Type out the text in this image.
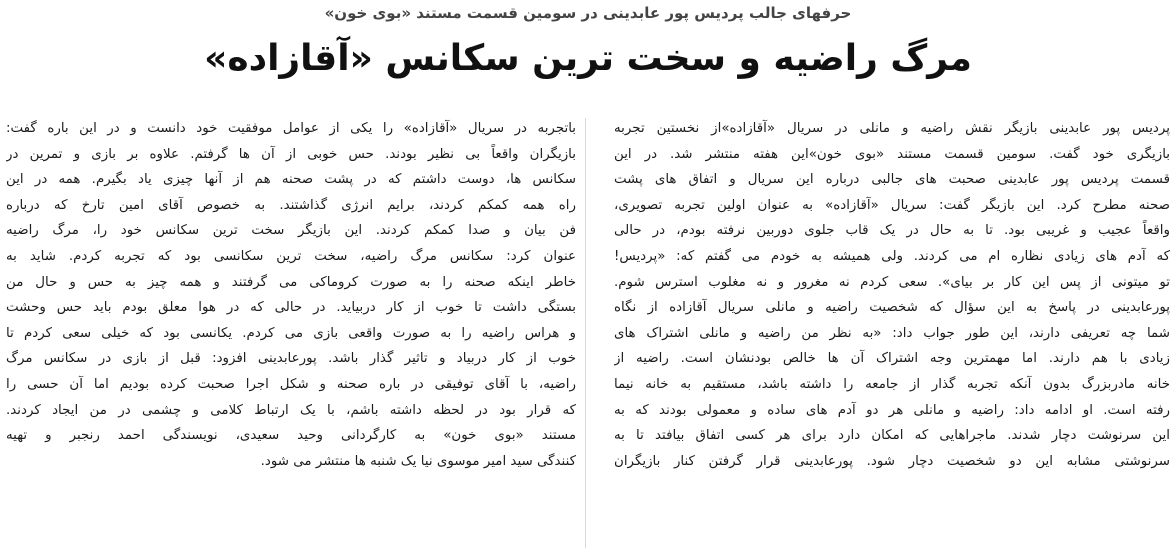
حرفهای جالب پردیس پور عابدینی در سومین قسمت مستند «بوی خون»
مرگ راضیه و سخت ترین سکانس «آقازاده»
پردیس پور عابدینی بازیگر نقش راضیه و مانلی در سریال «آقازاده»از نخستین تجربه
بازیگری خود گفت. سومین قسمت مستند «بوی خون»این هفته منتشر شد. در این
قسمت پردیس پور عابدینی صحبت های جالبی درباره این سریال و اتفاق های پشت
صحنه مطرح کرد. این بازیگر گفت: سریال «آقازاده» به عنوان اولین تجربه تصویری،
واقعاً عجیب و غریبی بود. تا به حال در یک قاب جلوی دوربین نرفته بودم، در حالی
که آدم های زیادی نظاره ام می کردند. ولی همیشه به خودم می گفتم که: «پردیس!
تو میتونی از پس این کار بر بیای». سعی کردم نه مغرور و نه مغلوب استرس شوم.
پورعابدینی در پاسخ به این سؤال که شخصیت راضیه و مانلی سریال آقازاده از نگاه
شما چه تعریفی دارند، این طور جواب داد: «به نظر من راضیه و مانلی اشتراک های
زیادی با هم دارند. اما مهمترین وجه اشتراک آن ها خالص بودنشان است. راضیه از
خانه مادربزرگ بدون آنکه تجربه گذار از جامعه را داشته باشد، مستقیم به خانه نیما
رفته است. او ادامه داد: راضیه و مانلی هر دو آدم های ساده و معمولی بودند که به
این سرنوشت دچار شدند. ماجراهایی که امکان دارد برای هر کسی اتفاق بیافتد تا به
سرنوشتی مشابه این دو شخصیت دچار شود. پورعابدینی قرار گرفتن کنار بازیگران
باتجربه در سریال «آقازاده» را یکی از عوامل موفقیت خود دانست و در این باره گفت:
بازیگران واقعاً بی نظیر بودند. حس خوبی از آن ها گرفتم. علاوه بر بازی و تمرین در
سکانس ها، دوست داشتم که در پشت صحنه هم از آنها چیزی یاد بگیرم. همه در این
راه همه کمکم کردند، برایم انرژی گذاشتند. به خصوص آقای امین تارخ که درباره
فن بیان و صدا کمکم کردند. این بازیگر سخت ترین سکانس خود را، مرگ راضیه
عنوان کرد: سکانس مرگ راضیه، سخت ترین سکانسی بود که تجربه کردم. شاید به
خاطر اینکه صحنه را به صورت کروماکی می گرفتند و همه چیز به حس و حال من
بستگی داشت تا خوب از کار دربیاید. در حالی که در هوا معلق بودم باید حس وحشت
و هراس راضیه را به صورت واقعی بازی می کردم. یکانسی بود که خیلی سعی کردم تا
خوب از کار دربیاد و تاثیر گذار باشد. پورعابدینی افزود: قبل از بازی در سکانس مرگ
راضیه، با آقای توفیقی در باره صحنه و شکل اجرا صحبت کرده بودیم اما آن حسی را
که قرار بود در لحظه داشته باشم، با یک ارتباط کلامی و چشمی در من ایجاد کردند.
مستند «بوی خون» به کارگردانی وحید سعیدی، نویسندگی احمد رنجبر و تهیه
کنندگی سید امیر موسوی نیا یک شنبه ها منتشر می شود.
